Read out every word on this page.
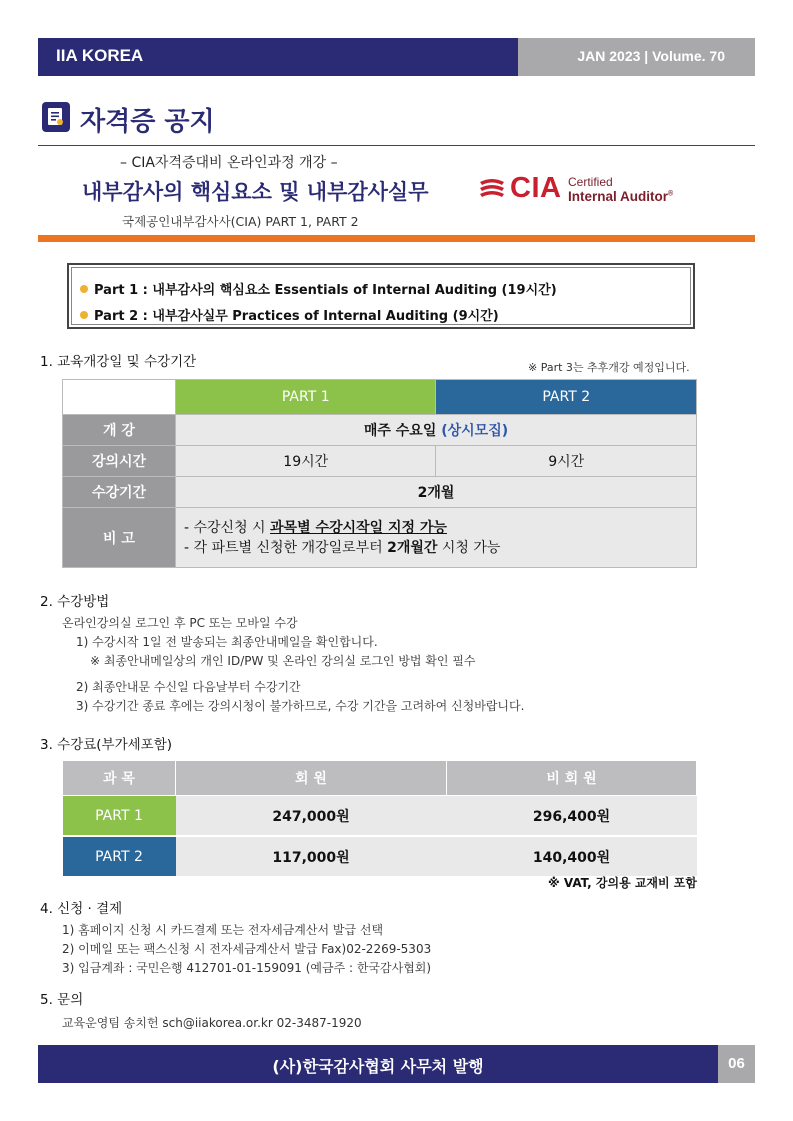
IIA KOREA	JAN 2023 | Volume. 70
자격증 공지
– CIA자격증대비 온라인과정 개강 –
내부감사의 핵심요소 및 내부감사실무
국제공인내부감사사(CIA) PART 1, PART 2
CIA Certified
Internal Auditor®
Part 1 : 내부감사의 핵심요소 Essentials of Internal Auditing (19시간)
Part 2 : 내부감사실무 Practices of Internal Auditing (9시간)
1. 교육개강일 및 수강기간	※ Part 3는 추후개강 예정입니다.
	PART 1	PART 2
개 강	매주 수요일 (상시모집)	
강의시간	19시간	9시간
수강기간	2개월	
비 고	- 수강신청 시 과목별 수강시작일 지정 가능
- 각 파트별 신청한 개강일로부터 2개월간 시청 가능	
2. 수강방법
온라인강의실 로그인 후 PC 또는 모바일 수강
1) 수강시작 1일 전 발송되는 최종안내메일을 확인합니다.
※ 최종안내메일상의 개인 ID/PW 및 온라인 강의실 로그인 방법 확인 필수
2) 최종안내문 수신일 다음날부터 수강기간
3) 수강기간 종료 후에는 강의시청이 불가하므로, 수강 기간을 고려하여 신청바랍니다.
3. 수강료(부가세포함)
과 목	회 원	비 회 원
PART 1	247,000원	296,400원
PART 2	117,000원	140,400원
※ VAT, 강의용 교재비 포함
4. 신청 · 결제
1) 홈페이지 신청 시 카드결제 또는 전자세금계산서 발급 선택
2) 이메일 또는 팩스신청 시 전자세금계산서 발급 Fax)02-2269-5303
3) 입금계좌 : 국민은행 412701-01-159091 (예금주 : 한국감사협회)
5. 문의
교육운영팀 송치헌 sch@iiakorea.or.kr 02-3487-1920
(사)한국감사협회 사무처 발행	06
